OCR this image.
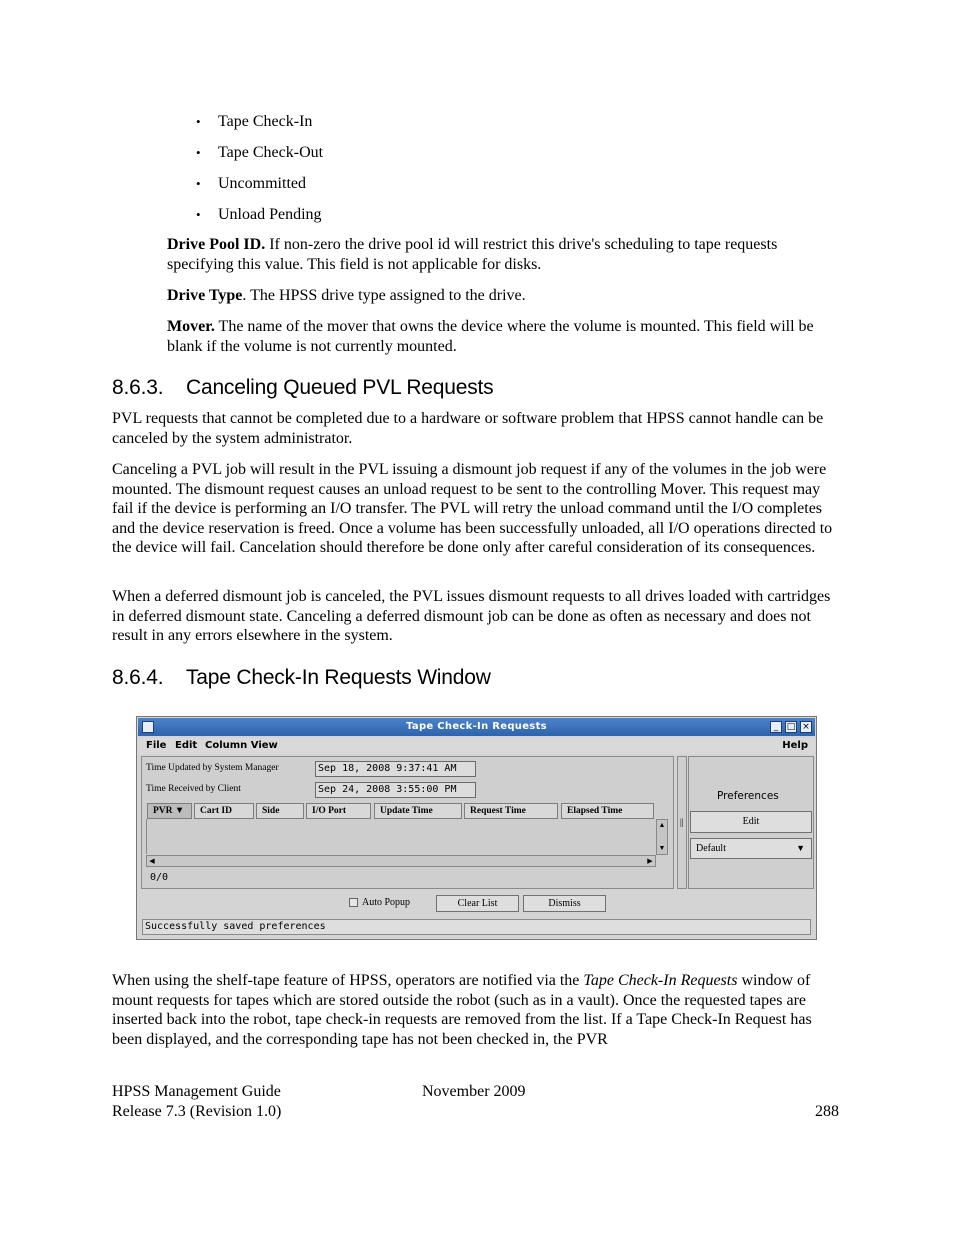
•	Tape Check-In
•	Tape Check-Out
•	Uncommitted
•	Unload Pending
Drive Pool ID. If non-zero the drive pool id will restrict this drive's scheduling to tape requests specifying this value. This field is not applicable for disks.
Drive Type. The HPSS drive type assigned to the drive.
Mover. The name of the mover that owns the device where the volume is mounted. This field will be blank if the volume is not currently mounted.
8.6.3. Canceling Queued PVL Requests
PVL requests that cannot be completed due to a hardware or software problem that HPSS cannot handle can be canceled by the system administrator.
Canceling a PVL job will result in the PVL issuing a dismount job request if any of the volumes in the job were mounted. The dismount request causes an unload request to be sent to the controlling Mover. This request may fail if the device is performing an I/O transfer. The PVL will retry the unload command until the I/O completes and the device reservation is freed. Once a volume has been successfully unloaded, all I/O operations directed to the device will fail. Cancelation should therefore be done only after careful consideration of its consequences.
When a deferred dismount job is canceled, the PVL issues dismount requests to all drives loaded with cartridges in deferred dismount state. Canceling a deferred dismount job can be done as often as necessary and does not result in any errors elsewhere in the system.
8.6.4. Tape Check-In Requests Window
Tape Check-In Requests	_ □ ×
File Edit Column View	Help
Time Updated by System Manager	Sep 18, 2008 9:37:41 AM
Time Received by Client	Sep 24, 2008 3:55:00 PM
PVR ▼	Cart ID	Side	I/O Port	Update Time	Request Time	Elapsed Time
▲
▼
◀	▶
0/0
||
Preferences
Edit
Default	▼
Auto Popup	Clear List	Dismiss
Successfully saved preferences
When using the shelf-tape feature of HPSS, operators are notified via the Tape Check-In Requests window of mount requests for tapes which are stored outside the robot (such as in a vault). Once the requested tapes are inserted back into the robot, tape check-in requests are removed from the list. If a Tape Check-In Request has been displayed, and the corresponding tape has not been checked in, the PVR
HPSS Management Guide
Release 7.3 (Revision 1.0)
November 2009
288
